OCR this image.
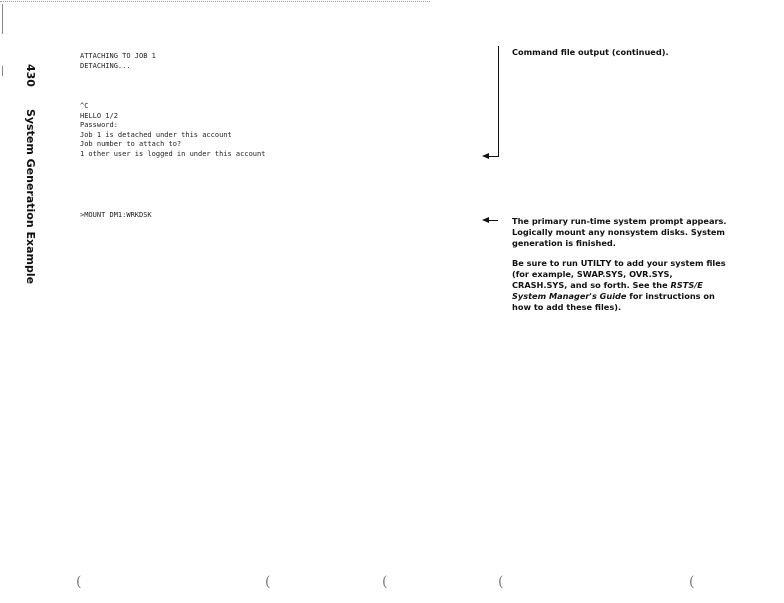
430System Generation Example
ATTACHING TO JOB 1
DETACHING...
^C
HELLO 1/2
Password:
Job 1 is detached under this account
Job number to attach to?
1 other user is logged in under this account
>MOUNT DM1:WRKDSK

Command file output (continued).

The primary run-time system prompt appears. Logically mount any nonsystem disks. System generation is finished.

Be sure to run UTILTY to add your system files (for example, SWAP.SYS, OVR.SYS, CRASH.SYS, and so forth. See the RSTS/E System Manager's Guide for instructions on how to add these files).

(	(	(	(	(
